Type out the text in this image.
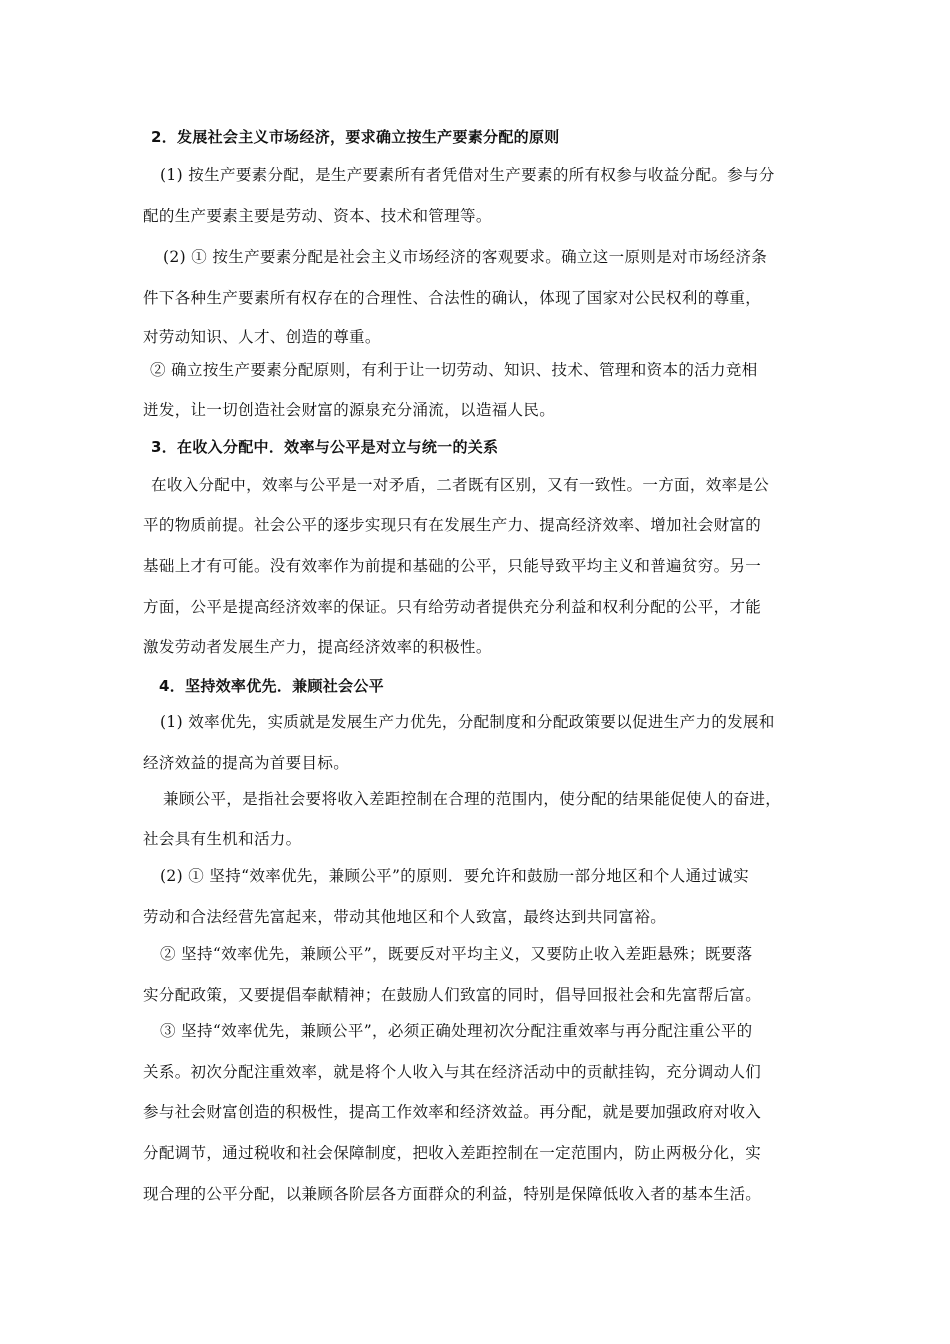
2．发展社会主义市场经济，要求确立按生产要素分配的原则
(1) 按生产要素分配，是生产要素所有者凭借对生产要素的所有权参与收益分配。参与分
配的生产要素主要是劳动、资本、技术和管理等。
(2) ① 按生产要素分配是社会主义市场经济的客观要求。确立这一原则是对市场经济条
件下各种生产要素所有权存在的合理性、合法性的确认，体现了国家对公民权利的尊重，
对劳动知识、人才、创造的尊重。
② 确立按生产要素分配原则，有利于让一切劳动、知识、技术、管理和资本的活力竞相
迸发，让一切创造社会财富的源泉充分涌流，以造福人民。
3．在收入分配中．效率与公平是对立与统一的关系
在收入分配中，效率与公平是一对矛盾，二者既有区别，又有一致性。一方面，效率是公
平的物质前提。社会公平的逐步实现只有在发展生产力、提高经济效率、增加社会财富的
基础上才有可能。没有效率作为前提和基础的公平，只能导致平均主义和普遍贫穷。另一
方面，公平是提高经济效率的保证。只有给劳动者提供充分利益和权利分配的公平，才能
激发劳动者发展生产力，提高经济效率的积极性。
4．坚持效率优先．兼顾社会公平
(1) 效率优先，实质就是发展生产力优先，分配制度和分配政策要以促进生产力的发展和
经济效益的提高为首要目标。
兼顾公平，是指社会要将收入差距控制在合理的范围内，使分配的结果能促使人的奋进，
社会具有生机和活力。
(2) ① 坚持“效率优先，兼顾公平”的原则．要允许和鼓励一部分地区和个人通过诚实
劳动和合法经营先富起来，带动其他地区和个人致富，最终达到共同富裕。
② 坚持“效率优先，兼顾公平”，既要反对平均主义，又要防止收入差距悬殊；既要落
实分配政策，又要提倡奉献精神；在鼓励人们致富的同时，倡导回报社会和先富帮后富。
③ 坚持“效率优先，兼顾公平”，必须正确处理初次分配注重效率与再分配注重公平的
关系。初次分配注重效率，就是将个人收入与其在经济活动中的贡献挂钩，充分调动人们
参与社会财富创造的积极性，提高工作效率和经济效益。再分配，就是要加强政府对收入
分配调节，通过税收和社会保障制度，把收入差距控制在一定范围内，防止两极分化，实
现合理的公平分配，以兼顾各阶层各方面群众的利益，特别是保障低收入者的基本生活。
